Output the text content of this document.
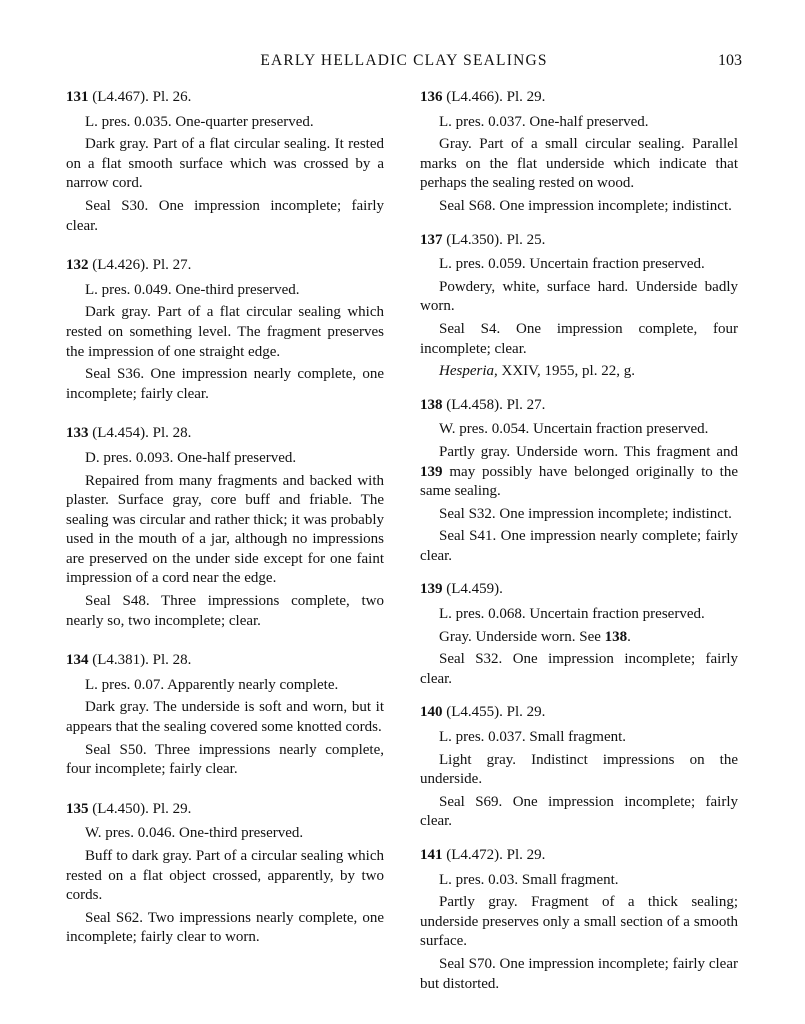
EARLY HELLADIC CLAY SEALINGS	103

131 (L4.467). Pl. 26.

L. pres. 0.035. One-quarter preserved.

Dark gray. Part of a flat circular sealing. It rested on a flat smooth surface which was crossed by a narrow cord.

Seal S30. One impression incomplete; fairly clear.

132 (L4.426). Pl. 27.

L. pres. 0.049. One-third preserved.

Dark gray. Part of a flat circular sealing which rested on something level. The fragment preserves the impression of one straight edge.

Seal S36. One impression nearly complete, one incomplete; fairly clear.

133 (L4.454). Pl. 28.

D. pres. 0.093. One-half preserved.

Repaired from many fragments and backed with plaster. Surface gray, core buff and friable. The sealing was circular and rather thick; it was probably used in the mouth of a jar, although no impressions are preserved on the under side except for one faint impression of a cord near the edge.

Seal S48. Three impressions complete, two nearly so, two incomplete; clear.

134 (L4.381). Pl. 28.

L. pres. 0.07. Apparently nearly complete.

Dark gray. The underside is soft and worn, but it appears that the sealing covered some knotted cords.

Seal S50. Three impressions nearly complete, four incomplete; fairly clear.

135 (L4.450). Pl. 29.

W. pres. 0.046. One-third preserved.

Buff to dark gray. Part of a circular sealing which rested on a flat object crossed, apparently, by two cords.

Seal S62. Two impressions nearly complete, one incomplete; fairly clear to worn.

136 (L4.466). Pl. 29.

L. pres. 0.037. One-half preserved.

Gray. Part of a small circular sealing. Parallel marks on the flat underside which indicate that perhaps the sealing rested on wood.

Seal S68. One impression incomplete; indistinct.

137 (L4.350). Pl. 25.

L. pres. 0.059. Uncertain fraction preserved.

Powdery, white, surface hard. Underside badly worn.

Seal S4. One impression complete, four incomplete; clear.

Hesperia, XXIV, 1955, pl. 22, g.

138 (L4.458). Pl. 27.

W. pres. 0.054. Uncertain fraction preserved.

Partly gray. Underside worn. This fragment and 139 may possibly have belonged originally to the same sealing.

Seal S32. One impression incomplete; indistinct.

Seal S41. One impression nearly complete; fairly clear.

139 (L4.459).

L. pres. 0.068. Uncertain fraction preserved.

Gray. Underside worn. See 138.

Seal S32. One impression incomplete; fairly clear.

140 (L4.455). Pl. 29.

L. pres. 0.037. Small fragment.

Light gray. Indistinct impressions on the underside.

Seal S69. One impression incomplete; fairly clear.

141 (L4.472). Pl. 29.

L. pres. 0.03. Small fragment.

Partly gray. Fragment of a thick sealing; underside preserves only a small section of a smooth surface.

Seal S70. One impression incomplete; fairly clear but distorted.
